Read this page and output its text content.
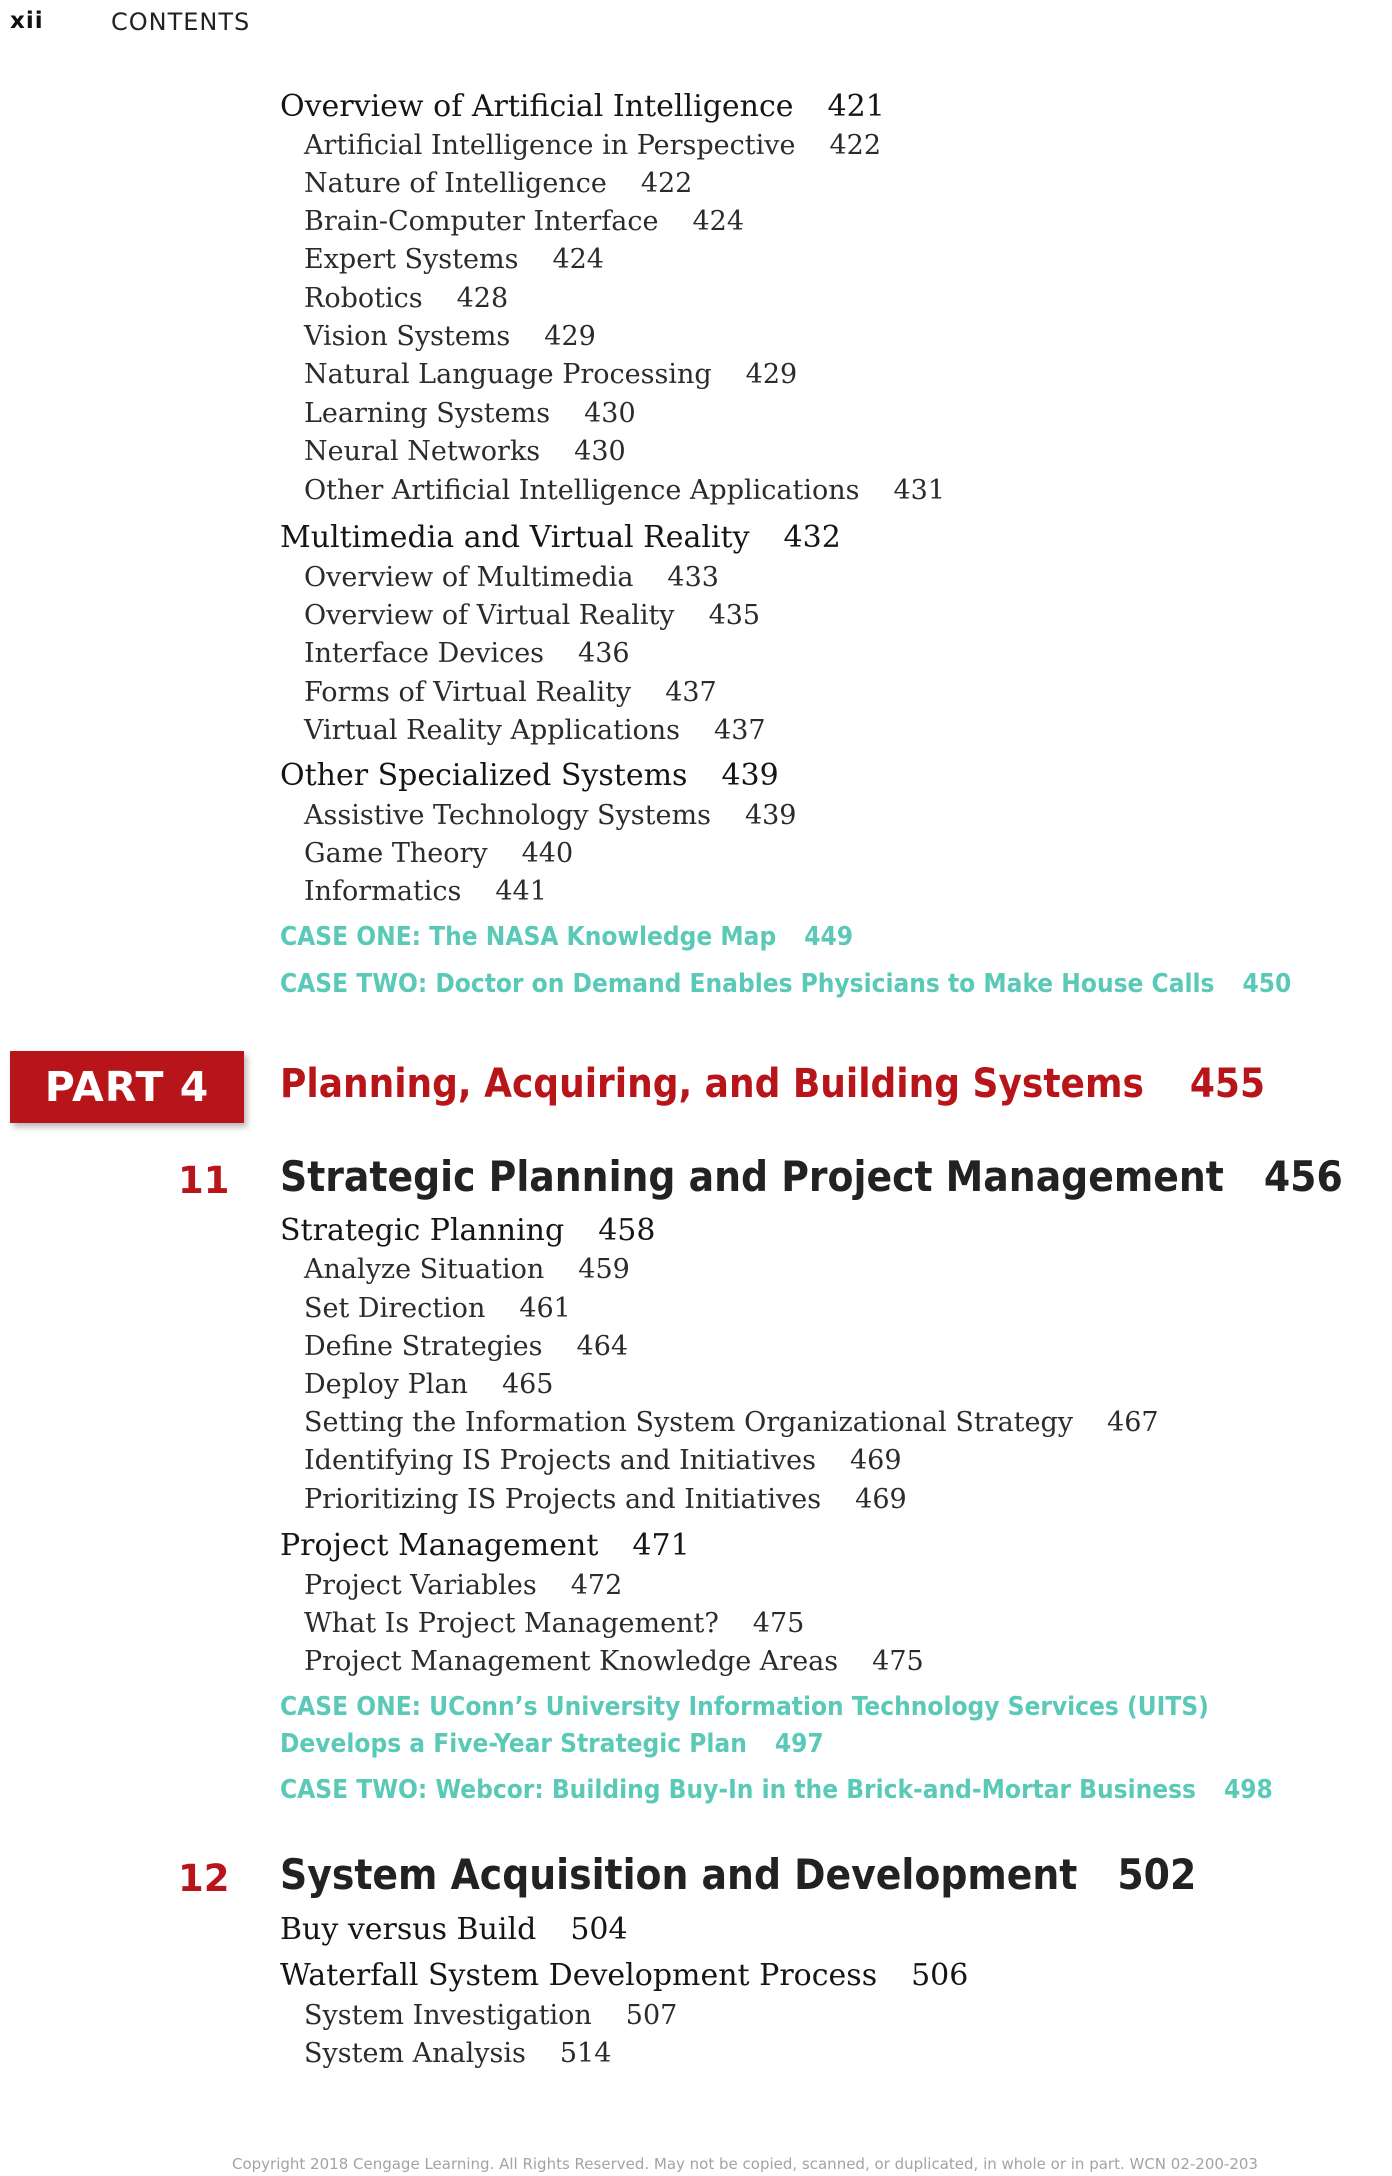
xii	CONTENTS
Overview of Artificial Intelligence 421
Artificial Intelligence in Perspective 422
Nature of Intelligence 422
Brain-Computer Interface 424
Expert Systems 424
Robotics 428
Vision Systems 429
Natural Language Processing 429
Learning Systems 430
Neural Networks 430
Other Artificial Intelligence Applications 431
Multimedia and Virtual Reality 432
Overview of Multimedia 433
Overview of Virtual Reality 435
Interface Devices 436
Forms of Virtual Reality 437
Virtual Reality Applications 437
Other Specialized Systems 439
Assistive Technology Systems 439
Game Theory 440
Informatics 441
CASE ONE: The NASA Knowledge Map 449
CASE TWO: Doctor on Demand Enables Physicians to Make House Calls 450
PART 4	Planning, Acquiring, and Building Systems 455
11 Strategic Planning and Project Management 456
Strategic Planning 458
Analyze Situation 459
Set Direction 461
Define Strategies 464
Deploy Plan 465
Setting the Information System Organizational Strategy 467
Identifying IS Projects and Initiatives 469
Prioritizing IS Projects and Initiatives 469
Project Management 471
Project Variables 472
What Is Project Management? 475
Project Management Knowledge Areas 475
CASE ONE: UConn’s University Information Technology Services (UITS)
Develops a Five-Year Strategic Plan 497
CASE TWO: Webcor: Building Buy-In in the Brick-and-Mortar Business 498
12 System Acquisition and Development 502
Buy versus Build 504
Waterfall System Development Process 506
System Investigation 507
System Analysis 514
Copyright 2018 Cengage Learning. All Rights Reserved. May not be copied, scanned, or duplicated, in whole or in part. WCN 02-200-203
